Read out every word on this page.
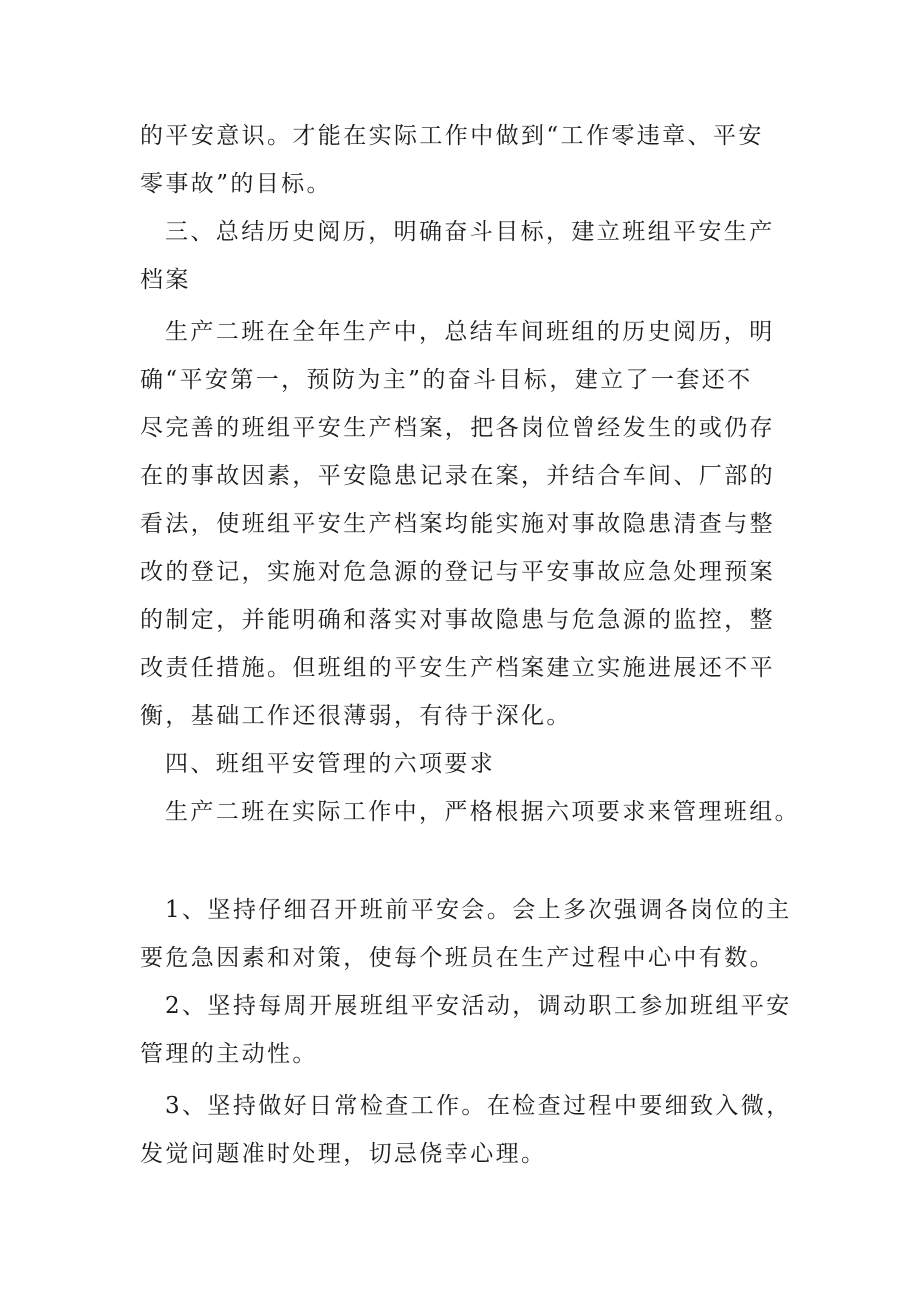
的平安意识。才能在实际工作中做到“工作零违章、平安
零事故”的目标。
三、总结历史阅历，明确奋斗目标，建立班组平安生产
档案
生产二班在全年生产中，总结车间班组的历史阅历，明
确“平安第一，预防为主”的奋斗目标，建立了一套还不
尽完善的班组平安生产档案，把各岗位曾经发生的或仍存
在的事故因素，平安隐患记录在案，并结合车间、厂部的
看法，使班组平安生产档案均能实施对事故隐患清查与整
改的登记，实施对危急源的登记与平安事故应急处理预案
的制定，并能明确和落实对事故隐患与危急源的监控，整
改责任措施。但班组的平安生产档案建立实施进展还不平
衡，基础工作还很薄弱，有待于深化。
四、班组平安管理的六项要求
生产二班在实际工作中，严格根据六项要求来管理班组。
1、坚持仔细召开班前平安会。会上多次强调各岗位的主
要危急因素和对策，使每个班员在生产过程中心中有数。
2、坚持每周开展班组平安活动，调动职工参加班组平安
管理的主动性。
3、坚持做好日常检查工作。在检查过程中要细致入微，
发觉问题准时处理，切忌侥幸心理。
